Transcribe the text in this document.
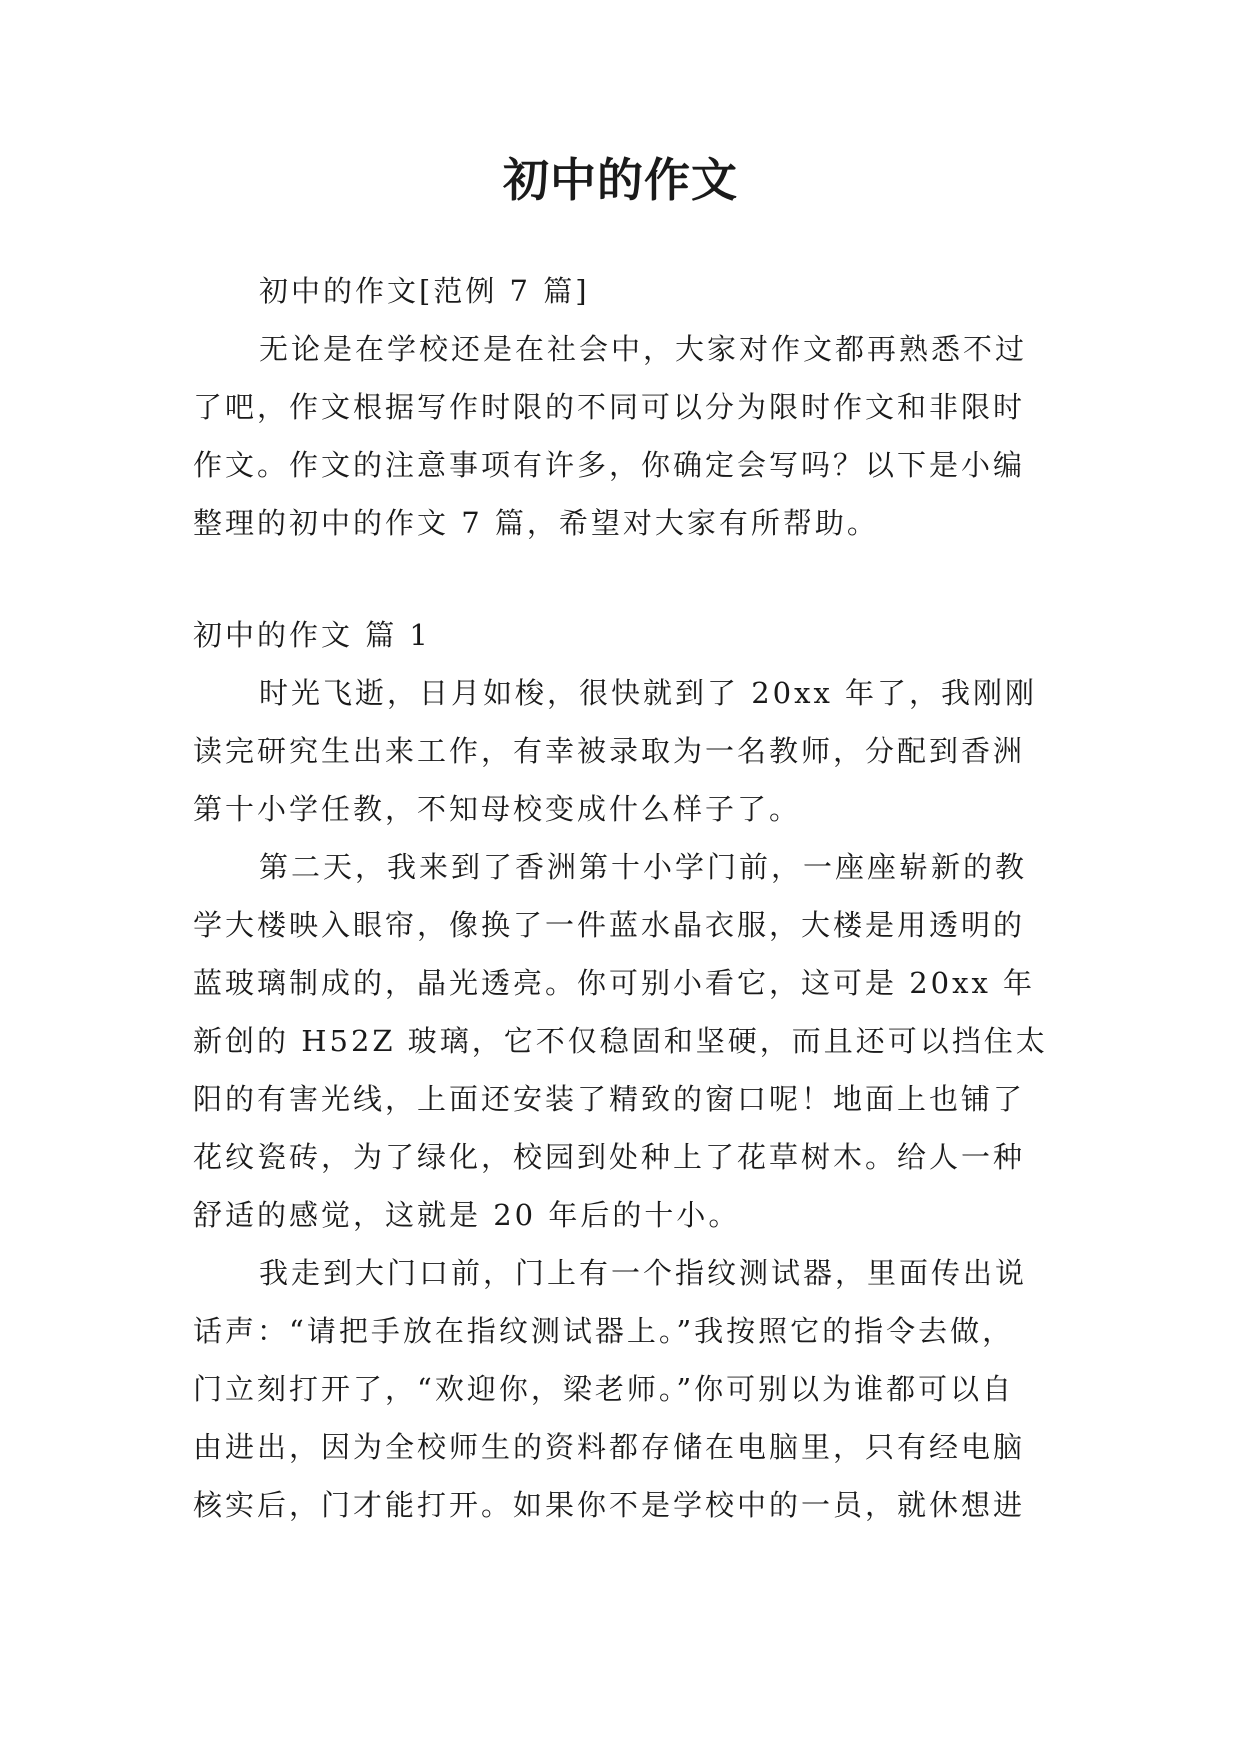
初中的作文
初中的作文[范例 7 篇]
无论是在学校还是在社会中，大家对作文都再熟悉不过
了吧，作文根据写作时限的不同可以分为限时作文和非限时
作文。作文的注意事项有许多，你确定会写吗？以下是小编
整理的初中的作文 7 篇，希望对大家有所帮助。
初中的作文 篇 1
时光飞逝，日月如梭，很快就到了 20xx 年了，我刚刚
读完研究生出来工作，有幸被录取为一名教师，分配到香洲
第十小学任教，不知母校变成什么样子了。
第二天，我来到了香洲第十小学门前，一座座崭新的教
学大楼映入眼帘，像换了一件蓝水晶衣服，大楼是用透明的
蓝玻璃制成的，晶光透亮。你可别小看它，这可是 20xx 年
新创的 H52Z 玻璃，它不仅稳固和坚硬，而且还可以挡住太
阳的有害光线，上面还安装了精致的窗口呢！地面上也铺了
花纹瓷砖，为了绿化，校园到处种上了花草树木。给人一种
舒适的感觉，这就是 20 年后的十小。
我走到大门口前，门上有一个指纹测试器，里面传出说
话声：“请把手放在指纹测试器上。”我按照它的指令去做，
门立刻打开了，“欢迎你，梁老师。”你可别以为谁都可以自
由进出，因为全校师生的资料都存储在电脑里，只有经电脑
核实后，门才能打开。如果你不是学校中的一员，就休想进
